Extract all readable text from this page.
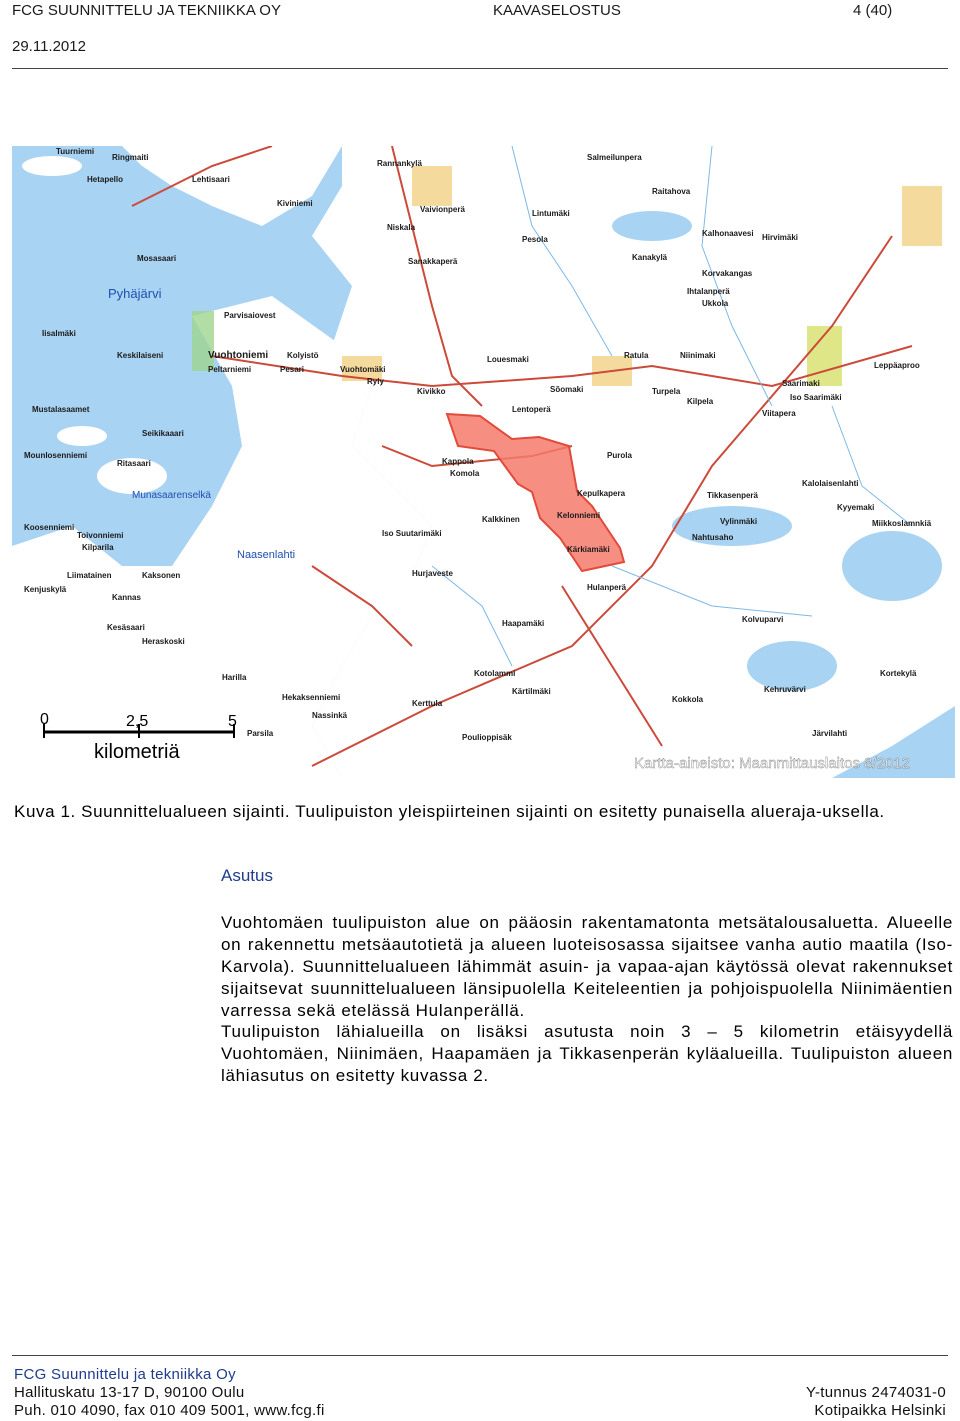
FCG SUUNNITTELU JA TEKNIIKKA OY
29.11.2012
KAAVASELOSTUS	4 (40)
Tuurniemi
Ringmaiti	Salmeilunpera
Hetapello	Lehtisaari
Rannankylä
Kiviniemi
Mosasaari
Vaivionperä	Lintumäki
Raitahova
Pyhäjärvi
Niskala
Pesola
Kalhonaavesi Hirvimäki
Kanakylä
Korvakangas
Parvisaiovest
Ihtalanperä
Sanakkaperä
Ukkola
Iisalmäki
Keskilaiseni	Vuohtoniemi
Peltarniemi	Pesari
Kolyistö
Vuohtomäki
Ryly
Kivikko
Louesmaki
Sõomaki
Ratula	Niinimaki
Turpela
Saarimaki
Iso Saarimäki
Leppäaproo
Kilpela
Viitapera
Lentoperä
Purola
Mustalasaamet
Mounlosenniemi
Seikikaaari
Ritasaari
Munasaarenselkä
Kappola
Komola
Kepulkapera	Tikkasenperä
Kalolaisenlahti
Vylinmäki
Kyyemaki
Miikkoslamnkiä
Koosenniemi
Kelonniemi
Toivonniemi
Kilparila
Iso Suutarimäki
Kalkkinen
Nahtusaho
Kärkiamäki
Naasenlahti
Liimatainen	Kaksonen
Kenjuskylä
Kannas
Hurjaveste
Hulanperä
Kolvuparvi
Haapamäki
Kesäsaari
Kotolammi	Kortekylä
Kehruvärvi
Heraskoski
Kokkola
Kerttula
Kärtilmäki
Harilla
Hekaksenniemi
Nassinkä
Poulioppisäk
Parsila	Järvilahti
0	2,5	5
kilometriä
Kartta-aineisto: Maanmittauslaitos 8/2012
Kuva 1. Suunnittelualueen sijainti. Tuulipuiston yleispiirteinen sijainti on esitetty punaisella alueraja-uksella.
Asutus
Vuohtomäen tuulipuiston alue on pääosin rakentamatonta metsätalousaluetta. Alueelle on rakennettu metsäautotietä ja alueen luoteisosassa sijaitsee vanha autio maatila (Iso-Karvola). Suunnittelualueen lähimmät asuin- ja vapaa-ajan käytössä olevat rakennukset sijaitsevat suunnittelualueen länsipuolella Keiteleentien ja pohjoispuolella Niinimäentien varressa sekä etelässä Hulanperällä.
Tuulipuiston lähialueilla on lisäksi asutusta noin 3 – 5 kilometrin etäisyydellä Vuohtomäen, Niinimäen, Haapamäen ja Tikkasenperän kyläalueilla. Tuulipuiston alueen lähiasutus on esitetty kuvassa 2.
FCG Suunnittelu ja tekniikka Oy
Hallituskatu 13-17 D, 90100 Oulu
Puh. 010 4090, fax 010 409 5001, www.fcg.fi
Y-tunnus 2474031-0
Kotipaikka Helsinki
